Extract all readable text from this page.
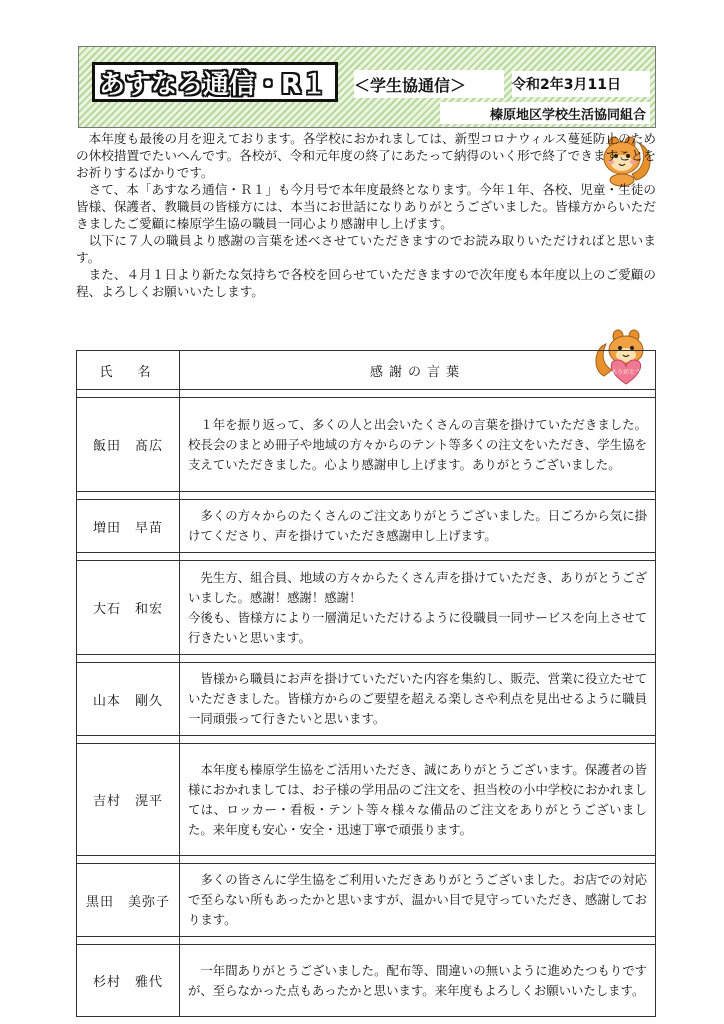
あすなろ通信・R１	＜学生協通信＞	令和2年3月11日
榛原地区学校生活協同組合
ありがとう

本年度も最後の月を迎えております。各学校におかれましては、新型コロナウィルス蔓延防止のための休校措置でたいへんです。各校が、令和元年度の終了にあたって納得のいく形で終了できますことをお祈りするばかりです。

さて、本「あすなろ通信・Ｒ１」も今月号で本年度最終となります。今年１年、各校、児童・生徒の皆様、保護者、教職員の皆様方には、本当にお世話になりありがとうございました。皆様方からいただきましたご愛顧に榛原学生協の職員一同心より感謝申し上げます。

以下に７人の職員より感謝の言葉を述べさせていただきますのでお読み取りいただければと思います。

また、４月１日より新たな気持ちで各校を回らせていただきますので次年度も本年度以上のご愛顧の程、よろしくお願いいたします。

氏　名	感謝の言葉

飯田　髙広	１年を振り返って、多くの人と出会いたくさんの言葉を掛けていただきました。校長会のまとめ冊子や地域の方々からのテント等多くの注文をいただき、学生協を支えていただきました。心より感謝申し上げます。ありがとうございました。

増田　早苗	多くの方々からのたくさんのご注文ありがとうございました。日ごろから気に掛けてくださり、声を掛けていただき感謝申し上げます。

大石　和宏	先生方、組合員、地域の方々からたくさん声を掛けていただき、ありがとうございました。感謝！感謝！感謝！
今後も、皆様方により一層満足いただけるように役職員一同サービスを向上させて行きたいと思います。

山本　剛久	皆様から職員にお声を掛けていただいた内容を集約し、販売、営業に役立たせていただきました。皆様方からのご要望を超える楽しさや利点を見出せるように職員一同頑張って行きたいと思います。

吉村　滉平	本年度も榛原学生協をご活用いただき、誠にありがとうございます。保護者の皆様におかれましては、お子様の学用品のご注文を、担当校の小中学校におかれましては、ロッカー・看板・テント等々様々な備品のご注文をありがとうございました。来年度も安心・安全・迅速丁寧で頑張ります。

黒田　美弥子	多くの皆さんに学生協をご利用いただきありがとうございました。お店での対応で至らない所もあったかと思いますが、温かい目で見守っていただき、感謝しております。

杉村　雅代	一年間ありがとうございました。配布等、間違いの無いように進めたつもりですが、至らなかった点もあったかと思います。来年度もよろしくお願いいたします。
